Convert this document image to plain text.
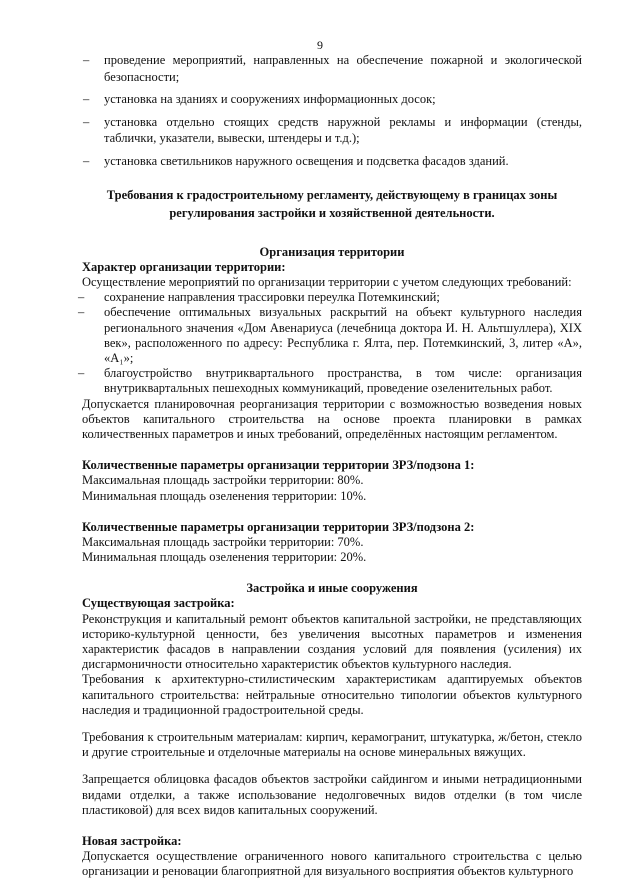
9
– проведение мероприятий, направленных на обеспечение пожарной и экологической безопасности;
– установка на зданиях и сооружениях информационных досок;
– установка отдельно стоящих средств наружной рекламы и информации (стенды, таблички, указатели, вывески, штендеры и т.д.);
– установка светильников наружного освещения и подсветка фасадов зданий.
Требования к градостроительному регламенту, действующему в границах зоны
регулирования застройки и хозяйственной деятельности.
Организация территории
Характер организации территории:
Осуществление мероприятий по организации территории с учетом следующих требований:
– сохранение направления трассировки переулка Потемкинский;
– обеспечение оптимальных визуальных раскрытий на объект культурного наследия регионального значения «Дом Авенариуса (лечебница доктора И. Н. Альтшуллера), XIX век», расположенного по адресу: Республика г. Ялта, пер. Потемкинский, 3, литер «А», «А₁»;
– благоустройство внутриквартального пространства, в том числе: организация внутриквартальных пешеходных коммуникаций, проведение озеленительных работ.
Допускается планировочная реорганизация территории с возможностью возведения новых объектов капитального строительства на основе проекта планировки в рамках количественных параметров и иных требований, определённых настоящим регламентом.
Количественные параметры организации территории ЗРЗ/подзона 1:
Максимальная площадь застройки территории: 80%.
Минимальная площадь озеленения территории: 10%.
Количественные параметры организации территории ЗРЗ/подзона 2:
Максимальная площадь застройки территории: 70%.
Минимальная площадь озеленения территории: 20%.
Застройка и иные сооружения
Существующая застройка:
Реконструкция и капитальный ремонт объектов капитальной застройки, не представляющих историко-культурной ценности, без увеличения высотных параметров и изменения характеристик фасадов в направлении создания условий для появления (усиления) их дисгармоничности относительно характеристик объектов культурного наследия.
Требования к архитектурно-стилистическим характеристикам адаптируемых объектов капитального строительства: нейтральные относительно типологии объектов культурного наследия и традиционной градостроительной среды.
Требования к строительным материалам: кирпич, керамогранит, штукатурка, ж/бетон, стекло и другие строительные и отделочные материалы на основе минеральных вяжущих.
Запрещается облицовка фасадов объектов застройки сайдингом и иными нетрадиционными видами отделки, а также использование недолговечных видов отделки (в том числе пластиковой) для всех видов капитальных сооружений.
Новая застройка:
Допускается осуществление ограниченного нового капитального строительства с целью организации и реновации благоприятной для визуального восприятия объектов культурного
